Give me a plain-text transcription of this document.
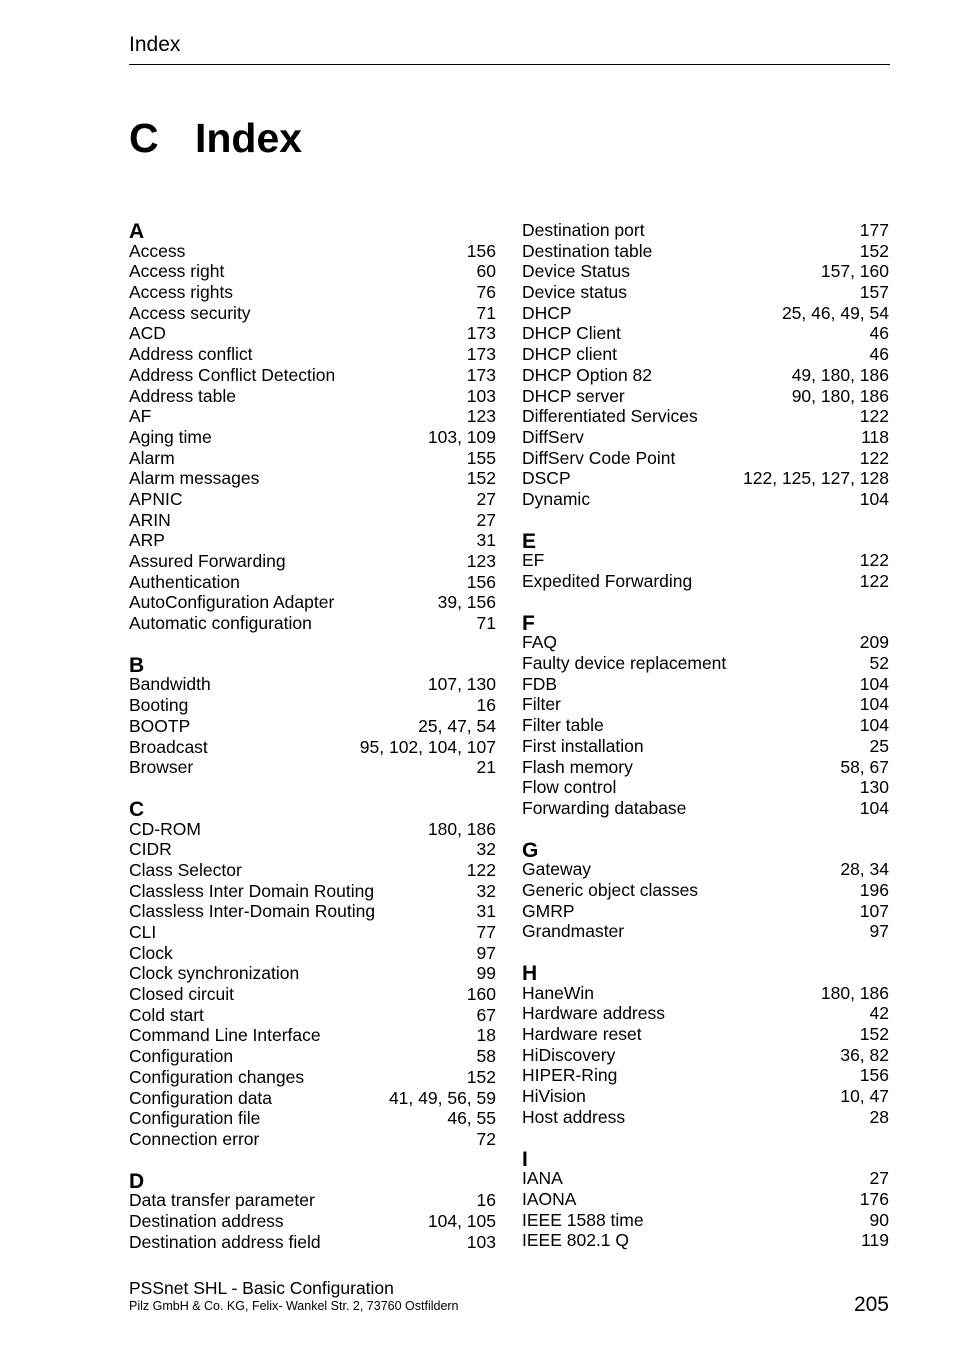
Index
C Index
A
Access	156
Access right	60
Access rights	76
Access security	71
ACD	173
Address conflict	173
Address Conflict Detection	173
Address table	103
AF	123
Aging time	103, 109
Alarm	155
Alarm messages	152
APNIC	27
ARIN	27
ARP	31
Assured Forwarding	123
Authentication	156
AutoConfiguration Adapter	39, 156
Automatic configuration	71
B
Bandwidth	107, 130
Booting	16
BOOTP	25, 47, 54
Broadcast	95, 102, 104, 107
Browser	21
C
CD-ROM	180, 186
CIDR	32
Class Selector	122
Classless Inter Domain Routing	32
Classless Inter-Domain Routing	31
CLI	77
Clock	97
Clock synchronization	99
Closed circuit	160
Cold start	67
Command Line Interface	18
Configuration	58
Configuration changes	152
Configuration data	41, 49, 56, 59
Configuration file	46, 55
Connection error	72
D
Data transfer parameter	16
Destination address	104, 105
Destination address field	103
Destination port	177
Destination table	152
Device Status	157, 160
Device status	157
DHCP	25, 46, 49, 54
DHCP Client	46
DHCP client	46
DHCP Option 82	49, 180, 186
DHCP server	90, 180, 186
Differentiated Services	122
DiffServ	118
DiffServ Code Point	122
DSCP	122, 125, 127, 128
Dynamic	104
E
EF	122
Expedited Forwarding	122
F
FAQ	209
Faulty device replacement	52
FDB	104
Filter	104
Filter table	104
First installation	25
Flash memory	58, 67
Flow control	130
Forwarding database	104
G
Gateway	28, 34
Generic object classes	196
GMRP	107
Grandmaster	97
H
HaneWin	180, 186
Hardware address	42
Hardware reset	152
HiDiscovery	36, 82
HIPER-Ring	156
HiVision	10, 47
Host address	28
I
IANA	27
IAONA	176
IEEE 1588 time	90
IEEE 802.1 Q	119
PSSnet SHL - Basic Configuration
Pilz GmbH & Co. KG, Felix- Wankel Str. 2, 73760 Ostfildern	205
